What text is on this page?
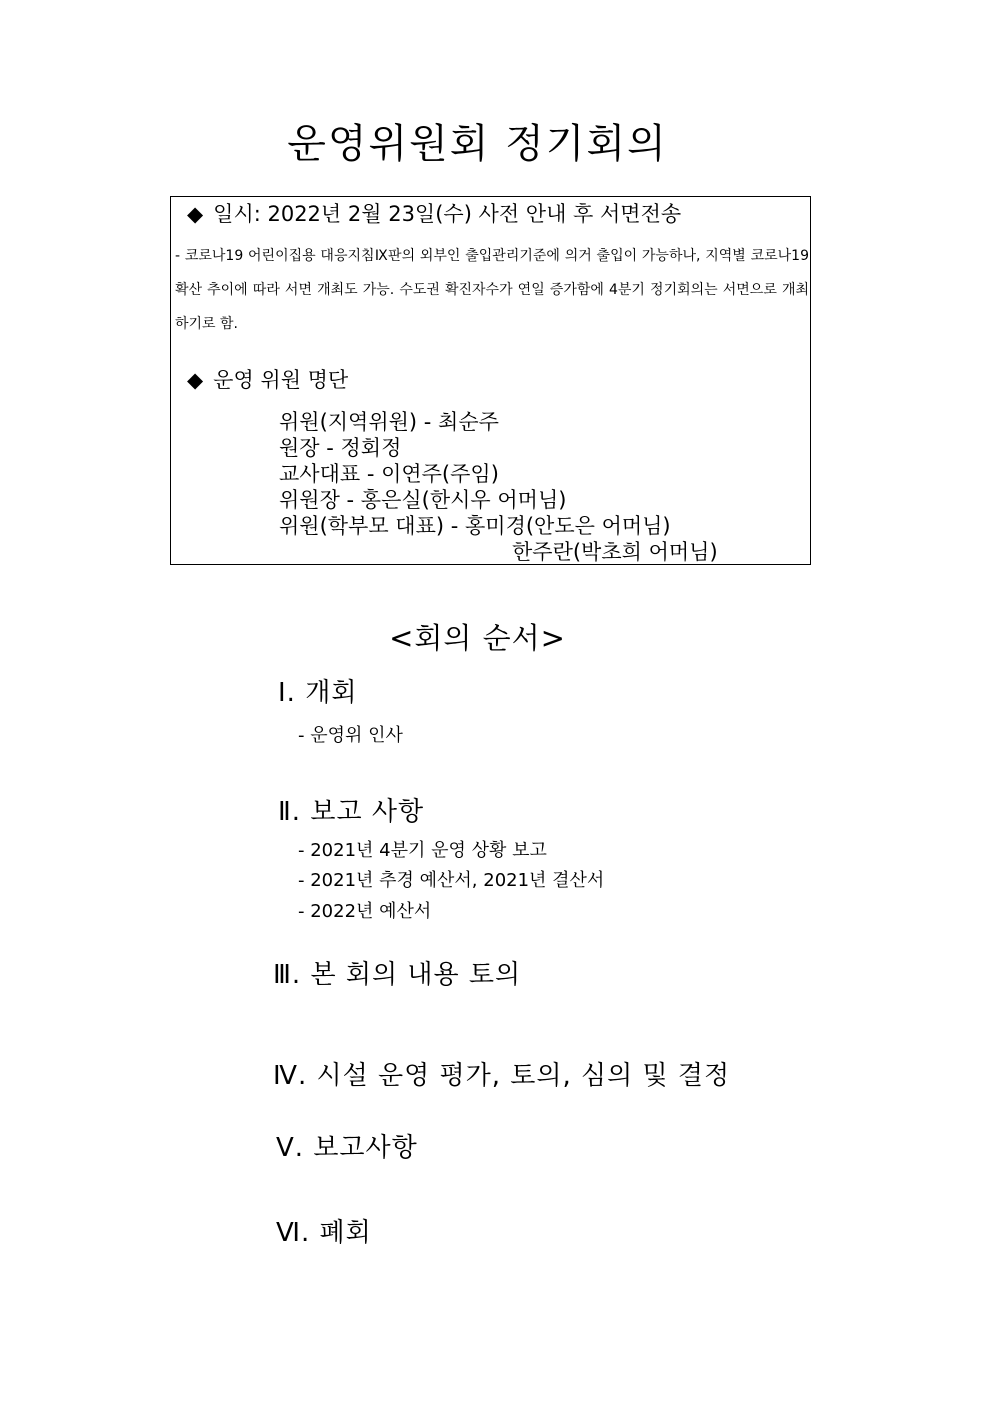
운영위원회 정기회의
◆ 일시: 2022년 2월 23일(수) 사전 안내 후 서면전송
- 코로나19 어린이집용 대응지침Ⅸ판의 외부인 출입관리기준에 의거 출입이 가능하나, 지역별 코로나19 확산 추이에 따라 서면 개최도 가능. 수도권 확진자수가 연일 증가함에 4분기 정기회의는 서면으로 개최 하기로 함.
◆ 운영 위원 명단
위원(지역위원) - 최순주
원장 - 정회정
교사대표 - 이연주(주임)
위원장 - 홍은실(한시우 어머님)
위원(학부모 대표) - 홍미경(안도은 어머님)
한주란(박초희 어머님)
<회의 순서>
Ⅰ. 개회
- 운영위 인사
Ⅱ. 보고 사항
- 2021년 4분기 운영 상황 보고
- 2021년 추경 예산서, 2021년 결산서
- 2022년 예산서
Ⅲ. 본 회의 내용 토의
Ⅳ. 시설 운영 평가, 토의, 심의 및 결정
Ⅴ. 보고사항
Ⅵ. 폐회
